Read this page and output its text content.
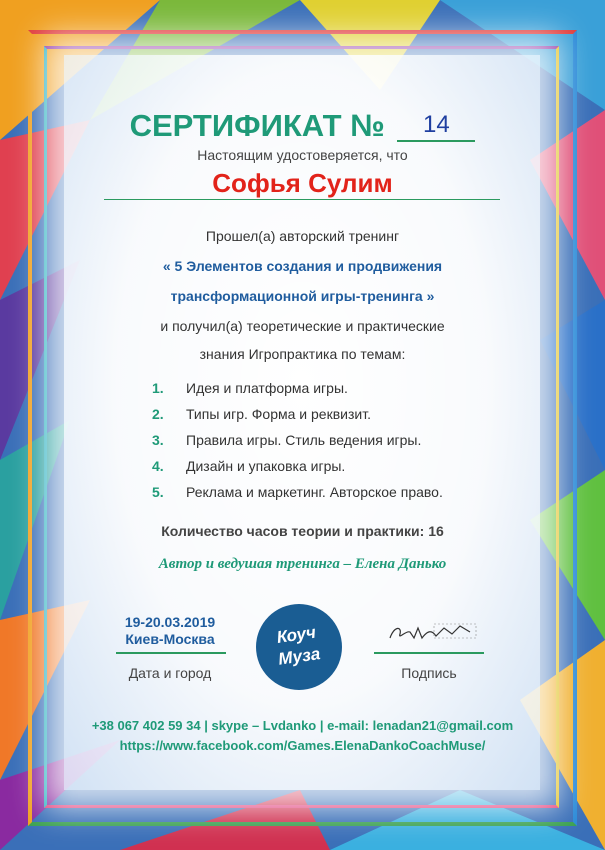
СЕРТИФИКАТ № 14
Настоящим удостоверяется, что
Софья Сулим
Прошел(а) авторский тренинг
« 5 Элементов создания и продвижения
трансформационной игры-тренинга »
и получил(а) теоретические и практические
знания Игропрактика по темам:
1. Идея и платформа игры.
2. Типы игр. Форма и реквизит.
3. Правила игры. Стиль ведения игры.
4. Дизайн и упаковка игры.
5. Реклама и маркетинг. Авторское право.
Количество часов теории и практики: 16
Автор и ведушая тренинга – Елена Данько
19-20.03.2019
Киев-Москва
Дата и город
Коуч
Муза
Подпись
+38 067 402 59 34 | skype – Lvdanko | e-mail: lenadan21@gmail.com
https://www.facebook.com/Games.ElenaDankoCoachMuse/
